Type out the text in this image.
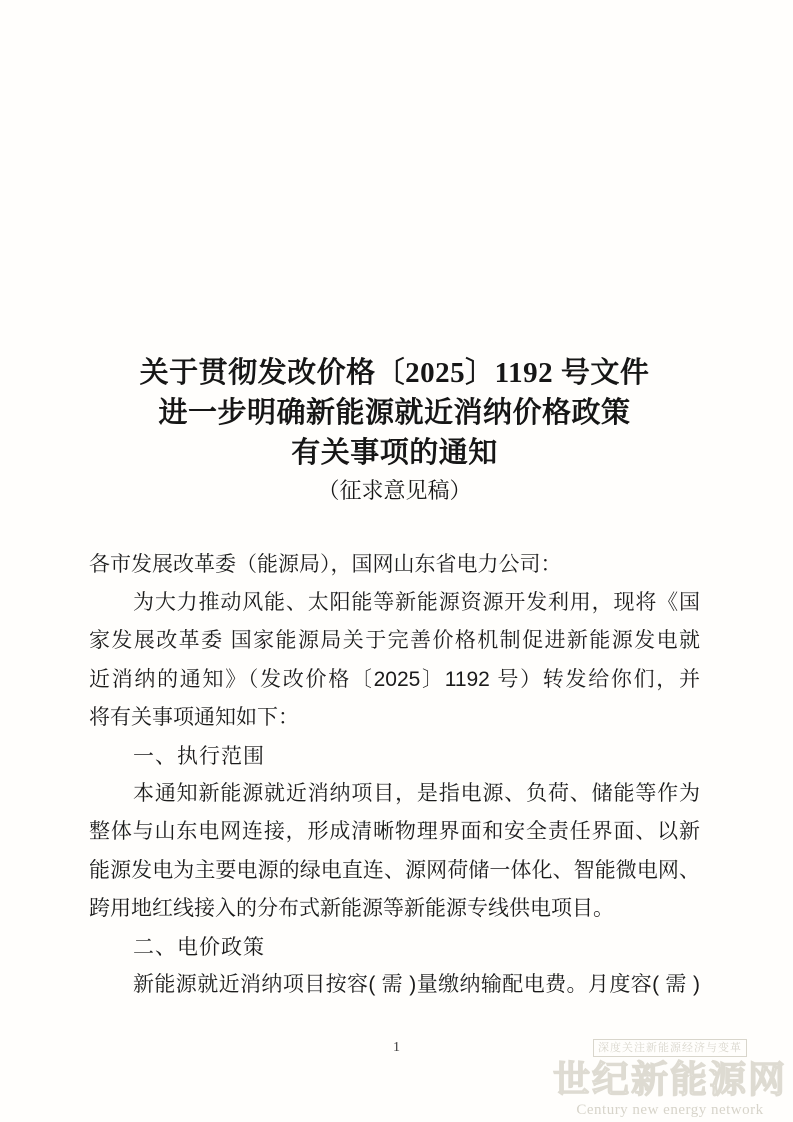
关于贯彻发改价格〔2025〕1192 号文件
进一步明确新能源就近消纳价格政策
有关事项的通知
（征求意见稿）
各市发展改革委（能源局），国网山东省电力公司：
为大力推动风能、太阳能等新能源资源开发利用，现将《国
家发展改革委 国家能源局关于完善价格机制促进新能源发电就
近消纳的通知》（发改价格〔2025〕1192 号）转发给你们，并
将有关事项通知如下：
一、执行范围
本通知新能源就近消纳项目，是指电源、负荷、储能等作为
整体与山东电网连接，形成清晰物理界面和安全责任界面、以新
能源发电为主要电源的绿电直连、源网荷储一体化、智能微电网、
跨用地红线接入的分布式新能源等新能源专线供电项目。
二、电价政策
新能源就近消纳项目按容( 需 )量缴纳输配电费。月度容( 需 )
1	深度关注新能源经济与变革
世纪新能源网
Century new energy network
